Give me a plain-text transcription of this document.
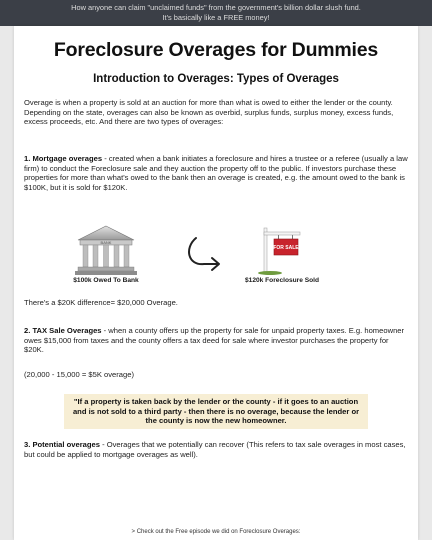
How anyone can claim "unclaimed funds" from the government's billion dollar slush fund.
It's basically like a FREE money!
Foreclosure Overages for Dummies
Introduction to Overages: Types of Overages
Overage is when a property is sold at an auction for more than what is owed to either the lender or the county. Depending on the state, overages can also be known as overbid, surplus funds, surplus money, excess funds, excess proceeds, etc. And there are two types of overages:
1. Mortgage overages - created when a bank initiates a foreclosure and hires a trustee or a referee (usually a law firm) to conduct the Foreclosure sale and they auction the property off to the public. If investors purchase these properties for more than what's owed to the bank then an overage is created, e.g. the amount owed to the bank is $100K, but it is sold for $120K.
BANK
$100k Owed To Bank
FOR SALE
$120k Foreclosure Sold
There's a $20K difference= $20,000 Overage.
2. TAX Sale Overages - when a county offers up the property for sale for unpaid property taxes. E.g. homeowner owes $15,000 from taxes and the county offers a tax deed for sale where investor purchases the property for $20K.
(20,000 - 15,000 = $5K overage)
"If a property is taken back by the lender or the county - if it goes to an auction and is not sold to a third party - then there is no overage, because the lender or the county is now the new homeowner.
3. Potential overages - Overages that we potentially can recover (This refers to tax sale overages in most cases, but could be applied to mortgage overages as well).
> Check out the Free episode we did on Foreclosure Overages:
